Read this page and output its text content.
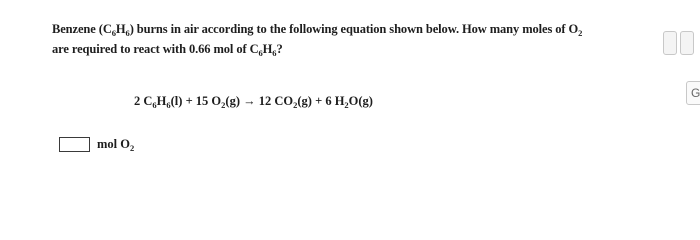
Benzene $(C_6H_6)$ burns in air according to the following equation shown below. How many moles of $O_2$
are required to react with 0.66 mol of $C_6H_6$?
2 $C_6H_6(l) + 15$ $O_2(g) \to 12$ $CO_2(g) + 6$ $H_2O(g)$
mol $O_2$
G
